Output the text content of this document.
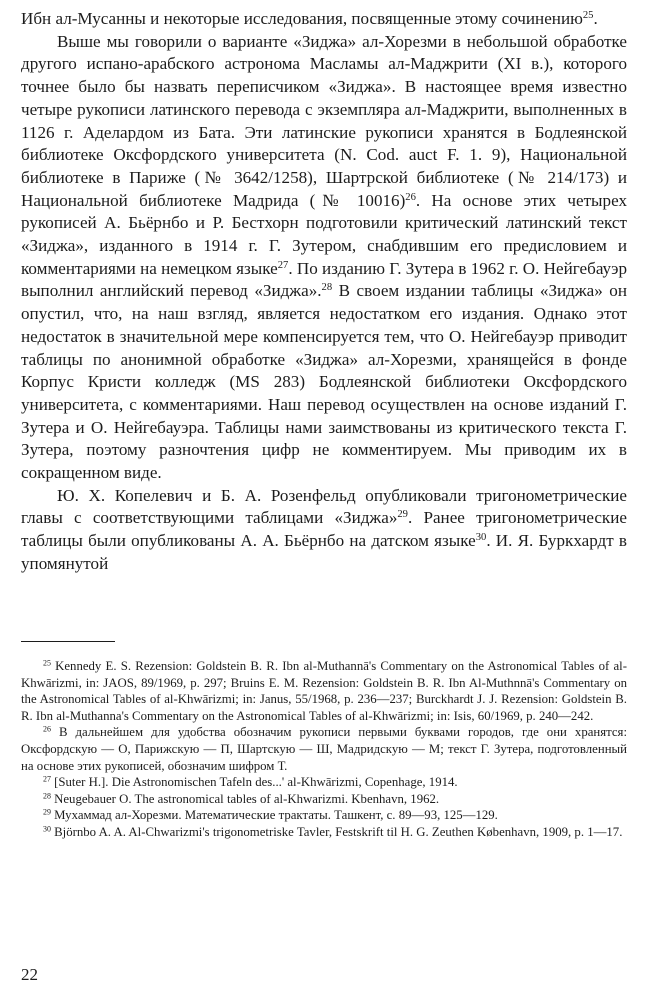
Ибн ал-Мусанны и некоторые исследования, посвященные этому сочинению$^{25}$.

Выше мы говорили о варианте «Зиджа» ал-Хорезми в небольшой обработке другого испано-арабского астронома Масламы ал-Маджрити (XI в.), которого точнее было бы назвать переписчиком «Зиджа». В настоящее время известно четыре рукописи латинского перевода с экземпляра ал-Маджрити, выполненных в 1126 г. Аделардом из Бата. Эти латинские рукописи хранятся в Бодлеянской библиотеке Оксфордского университета (N. Cod. auct F. 1. 9), Национальной библиотеке в Париже (№ 3642/1258), Шартрской библиотеке (№ 214/173) и Национальной библиотеке Мадрида (№ 10016)$^{26}$. На основе этих четырех рукописей А. Бьёрнбо и Р. Бестхорн подготовили критический латинский текст «Зиджа», изданного в 1914 г. Г. Зутером, снабдившим его предисловием и комментариями на немецком языке$^{27}$. По изданию Г. Зутера в 1962 г. О. Нейгебауэр выполнил английский перевод «Зиджа».$^{28}$ В своем издании таблицы «Зиджа» он опустил, что, на наш взгляд, является недостатком его издания. Однако этот недостаток в значительной мере компенсируется тем, что О. Нейгебауэр приводит таблицы по анонимной обработке «Зиджа» ал-Хорезми, хранящейся в фонде Корпус Кристи колледж (MS 283) Бодлеянской библиотеки Оксфордского университета, с комментариями. Наш перевод осуществлен на основе изданий Г. Зутера и О. Нейгебауэра. Таблицы нами заимствованы из критического текста Г. Зутера, поэтому разночтения цифр не комментируем. Мы приводим их в сокращенном виде.

Ю. Х. Копелевич и Б. А. Розенфельд опубликовали тригонометрические главы с соответствующими таблицами «Зиджа»$^{29}$. Ранее тригонометрические таблицы были опубликованы А. А. Бьёрнбо на датском языке$^{30}$. И. Я. Буркхардт в упомянутой

$^{25}$ Kennedy E. S. Rezension: Goldstein B. R. Ibn al-Muthannā's Commentary on the Astronomical Tables of al-Khwārizmi, in: JAOS, 89/1969, p. 297; Bruins E. M. Rezension: Goldstein B. R. Ibn Al-Muthnnā's Commentary on the Astronomical Tables of al-Khwārizmi; in: Janus, 55/1968, p. 236—237; Burckhardt J. J. Rezension: Goldstein B. R. Ibn al-Muthanna's Commentary on the Astronomical Tables of al-Khwārizmi; in: Isis, 60/1969, p. 240—242.

$^{26}$ В дальнейшем для удобства обозначим рукописи первыми буквами городов, где они хранятся: Оксфордскую — О, Парижскую — П, Шартскую — Ш, Мадридскую — М; текст Г. Зутера, подготовленный на основе этих рукописей, обозначим шифром Т.

$^{27}$ [Suter H.]. Die Astronomischen Tafeln des...' al-Khwārizmi, Copenhage, 1914.

$^{28}$ Neugebauer O. The astronomical tables of al-Khwarizmi. Kbenhavn, 1962.

$^{29}$ Мухаммад ал-Хорезми. Математические трактаты. Ташкент, с. 89—93, 125—129.

$^{30}$ Björnbo A. A. Al-Chwarizmi's trigonometriske Tavler, Festskrift til H. G. Zeuthen København, 1909, p. 1—17.

22
